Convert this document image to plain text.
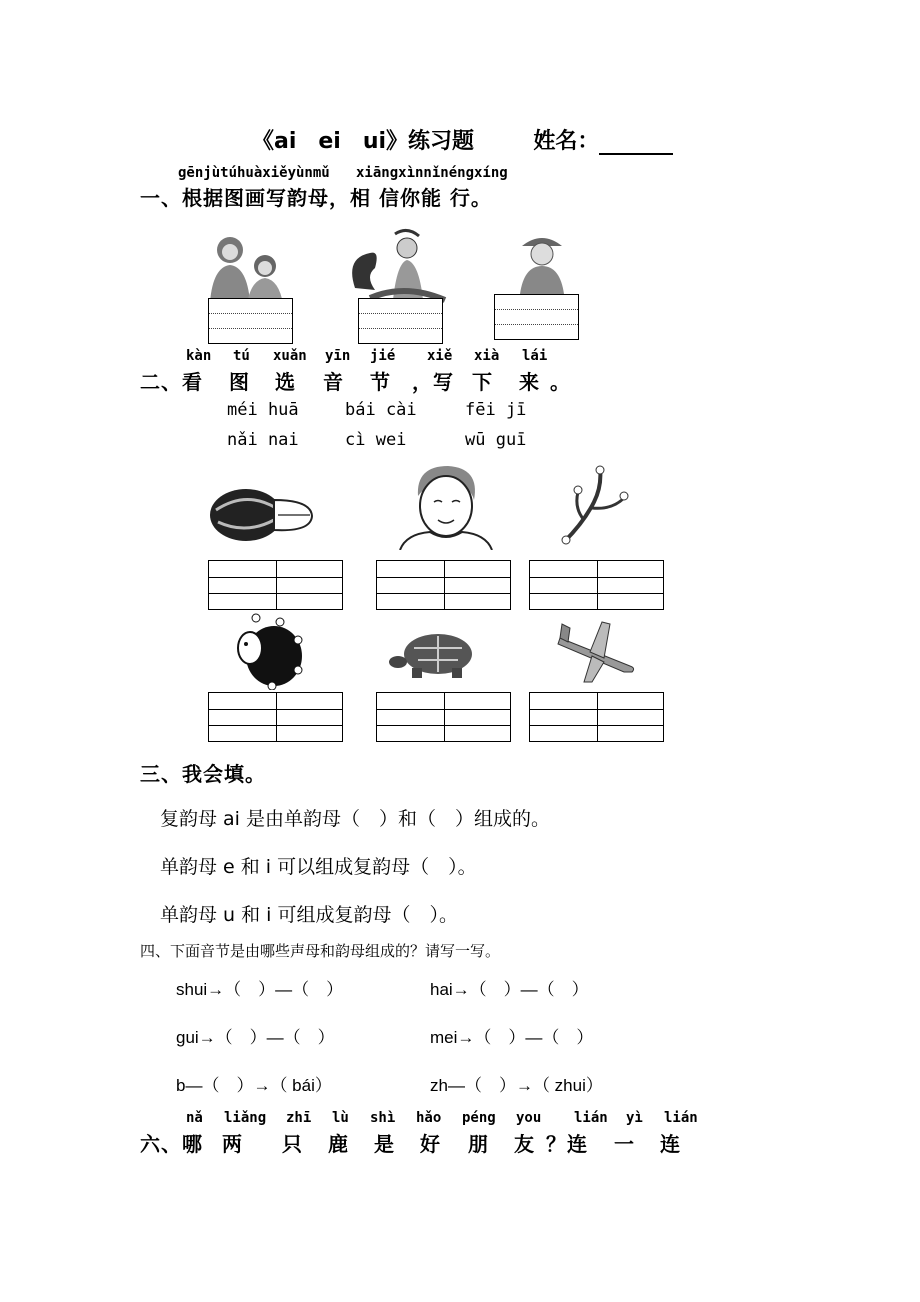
《ai　ei　ui》练习题	姓名：
gēnjùtúhuàxiěyùnmǔ xiāngxìnnǐnéngxíng
一、根据图画写韵母，相 信你能 行。
kàn tú xuǎn yīn jié xiě xià lái
二、 看 图 选 音 节 ，写 下 来 。
méi huā	bái cài	fēi jī
nǎi nai	cì wei	wū guī
三、我会填。
复韵母 ai 是由单韵母（　）和（　）组成的。
单韵母 e 和 i 可以组成复韵母（　）。
单韵母 u 和 i 可组成复韵母（　）。
四、下面音节是由哪些声母和韵母组成的？请写一写。
shui→（　）—（　）	hai→（　）—（　）
gui→（　）—（　）	mei→（　）—（　）
b—（　）→（ bái）	zh—（　）→（ zhui）
nǎ liǎng zhī lù shì hǎo péng you lián yì lián
六、 哪 两 只 鹿 是 好 朋 友 ？连 一 连
